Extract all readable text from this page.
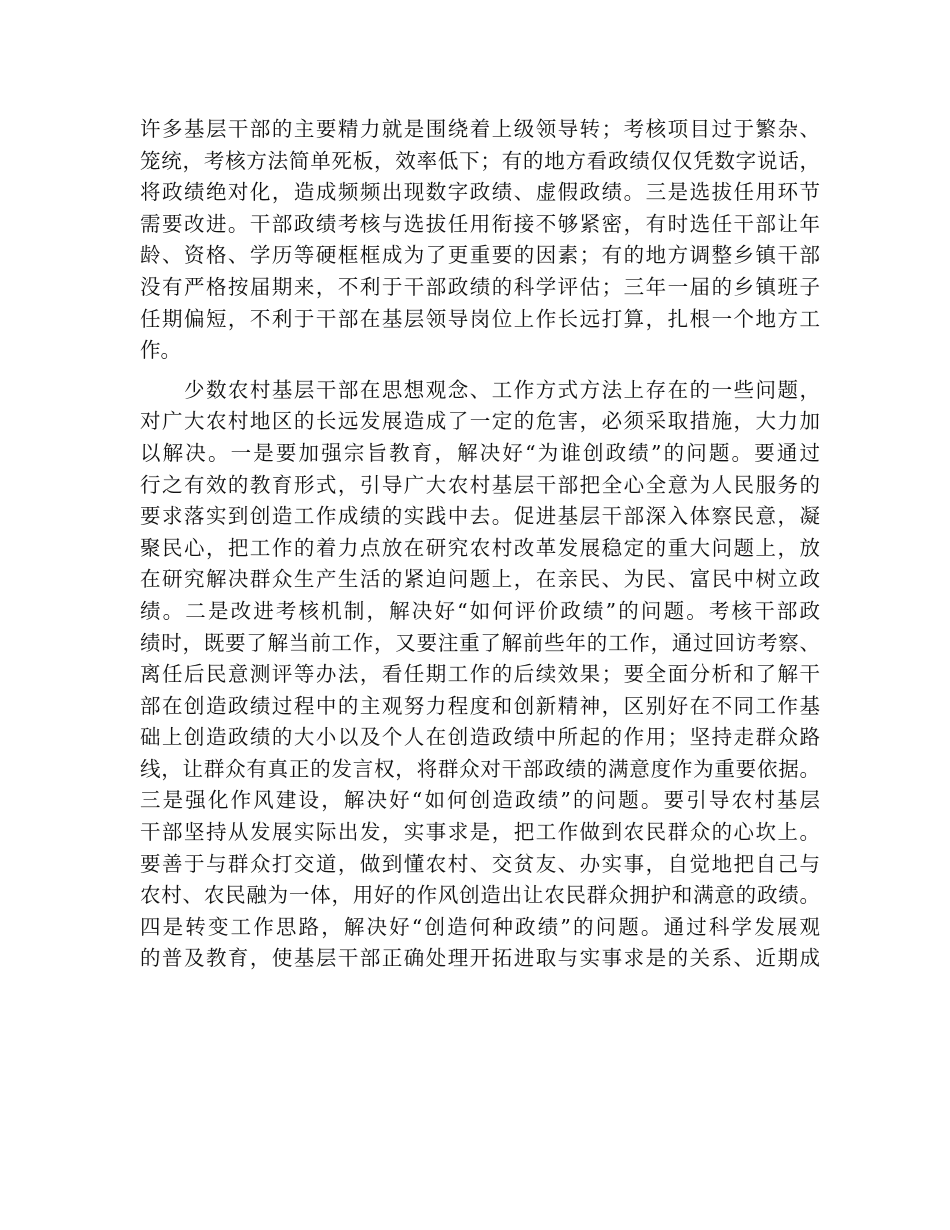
许多基层干部的主要精力就是围绕着上级领导转；考核项目过于繁杂、
笼统，考核方法简单死板，效率低下；有的地方看政绩仅仅凭数字说话，
将政绩绝对化，造成频频出现数字政绩、虚假政绩。三是选拔任用环节
需要改进。干部政绩考核与选拔任用衔接不够紧密，有时选任干部让年
龄、资格、学历等硬框框成为了更重要的因素；有的地方调整乡镇干部
没有严格按届期来，不利于干部政绩的科学评估；三年一届的乡镇班子
任期偏短，不利于干部在基层领导岗位上作长远打算，扎根一个地方工
作。
　　少数农村基层干部在思想观念、工作方式方法上存在的一些问题，
对广大农村地区的长远发展造成了一定的危害，必须采取措施，大力加
以解决。一是要加强宗旨教育，解决好“为谁创政绩”的问题。要通过
行之有效的教育形式，引导广大农村基层干部把全心全意为人民服务的
要求落实到创造工作成绩的实践中去。促进基层干部深入体察民意，凝
聚民心，把工作的着力点放在研究农村改革发展稳定的重大问题上，放
在研究解决群众生产生活的紧迫问题上，在亲民、为民、富民中树立政
绩。二是改进考核机制，解决好“如何评价政绩”的问题。考核干部政
绩时，既要了解当前工作，又要注重了解前些年的工作，通过回访考察、
离任后民意测评等办法，看任期工作的后续效果；要全面分析和了解干
部在创造政绩过程中的主观努力程度和创新精神，区别好在不同工作基
础上创造政绩的大小以及个人在创造政绩中所起的作用；坚持走群众路
线，让群众有真正的发言权，将群众对干部政绩的满意度作为重要依据。
三是强化作风建设，解决好“如何创造政绩”的问题。要引导农村基层
干部坚持从发展实际出发，实事求是，把工作做到农民群众的心坎上。
要善于与群众打交道，做到懂农村、交贫友、办实事，自觉地把自己与
农村、农民融为一体，用好的作风创造出让农民群众拥护和满意的政绩。
四是转变工作思路，解决好“创造何种政绩”的问题。通过科学发展观
的普及教育，使基层干部正确处理开拓进取与实事求是的关系、近期成
